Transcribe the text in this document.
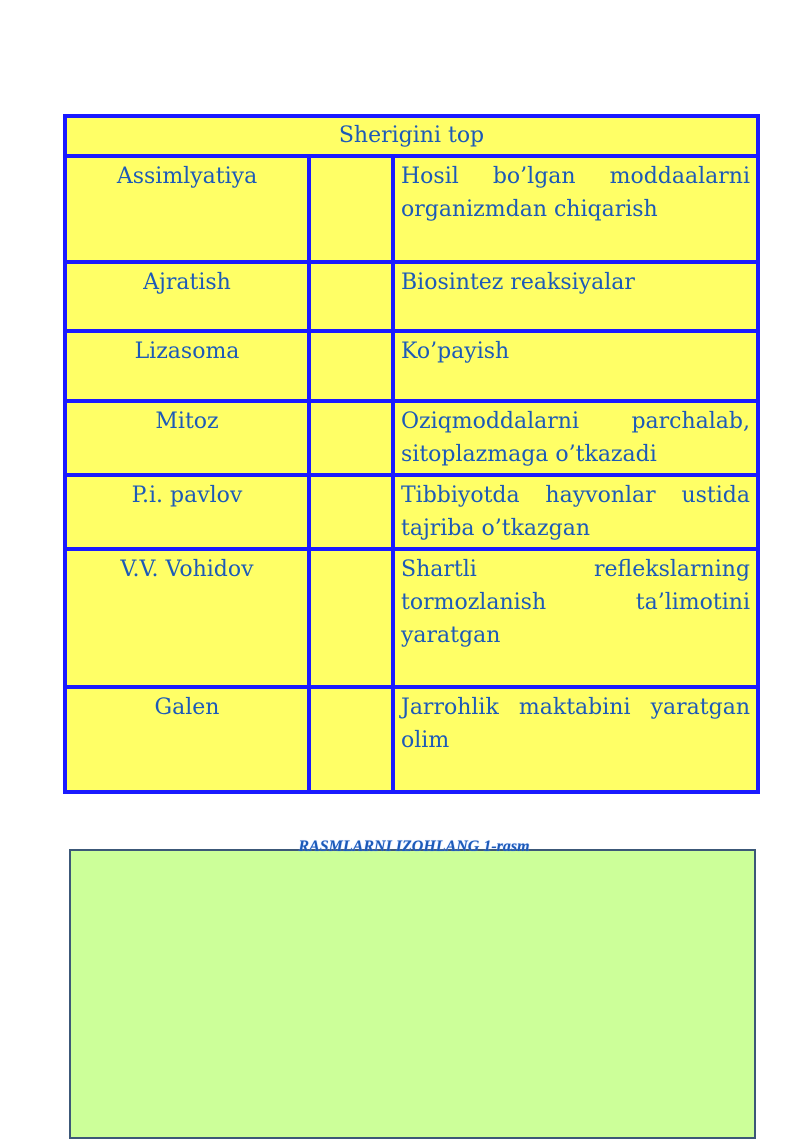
Sherigini top		
Assimlyatiya		Hosil bo’lgan moddaalarni organizmdan chiqarish
Ajratish		Biosintez reaksiyalar
Lizasoma		Ko’payish
Mitoz		Oziqmoddalarni parchalab, sitoplazmaga o’tkazadi
P.i. pavlov		Tibbiyotda hayvonlar ustida tajriba o’tkazgan
V.V. Vohidov		Shartli reflekslarning tormozlanish ta’limotini yaratgan
Galen		Jarrohlik maktabini yaratgan olim
RASMLARNI IZOHLANG 1-rasm
